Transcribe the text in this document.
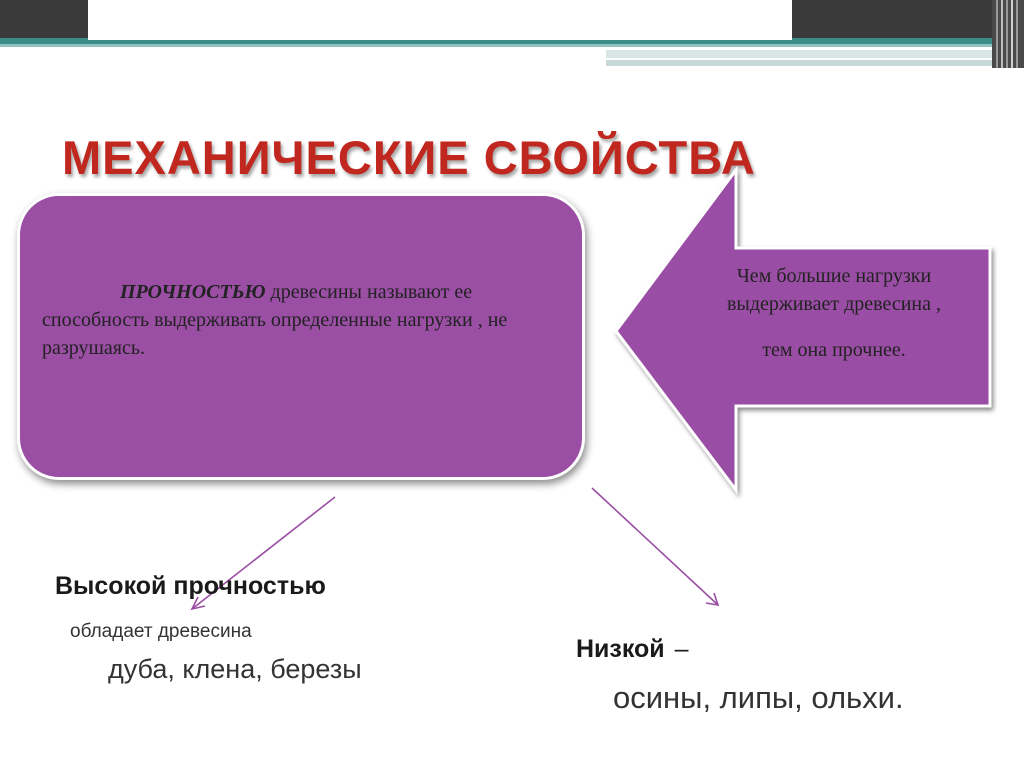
МЕХАНИЧЕСКИЕ СВОЙСТВА
ПРОЧНОСТЬЮ древесины называют ее способность выдерживать определенные нагрузки , не разрушаясь.
Чем большие нагрузки
выдерживает древесина ,
тем она прочнее.
Высокой прочностью
обладает древесина
дуба, клена, березы
Низкой –
осины, липы, ольхи.
